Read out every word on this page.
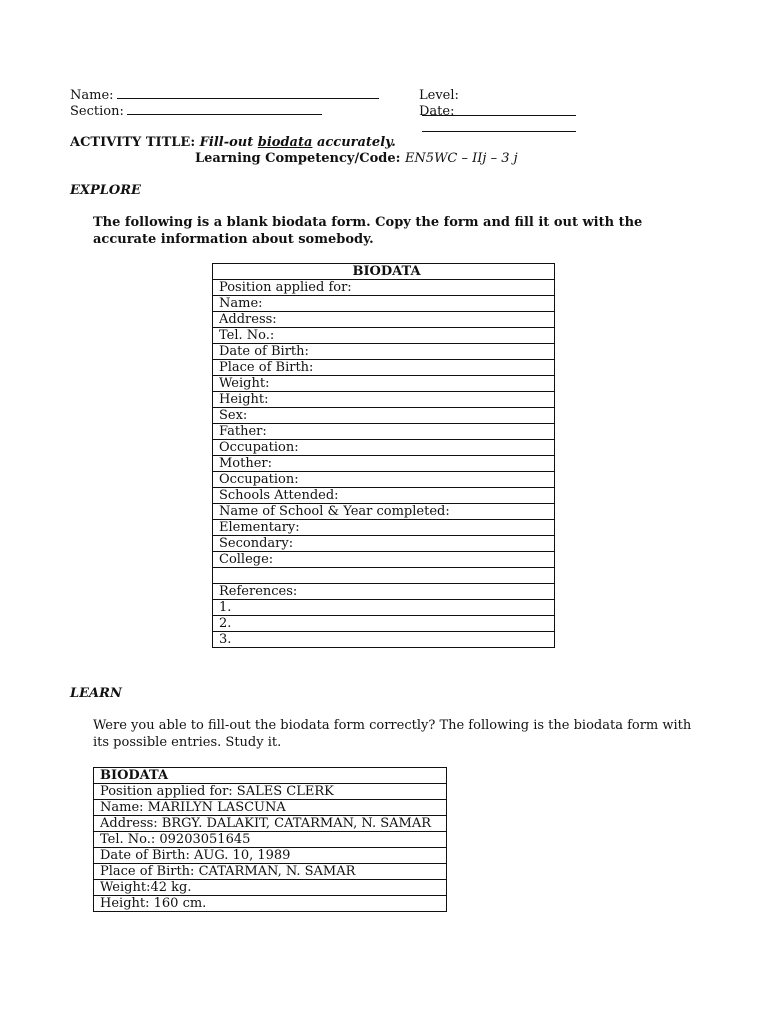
Name:	Level:
Section:	Date:
ACTIVITY TITLE: Fill-out biodata accurately.
Learning Competency/Code: EN5WC – IIj – 3 j
EXPLORE
The following is a blank biodata form. Copy the form and fill it out with the accurate information about somebody.
BIODATA
Position applied for:
Name:
Address:
Tel. No.:
Date of Birth:
Place of Birth:
Weight:
Height:
Sex:
Father:
Occupation:
Mother:
Occupation:
Schools Attended:
Name of School & Year completed:
Elementary:
Secondary:
College:

References:
1.
2.
3.
LEARN
Were you able to fill-out the biodata form correctly? The following is the biodata form with its possible entries. Study it.
BIODATA
Position applied for: SALES CLERK
Name: MARILYN LASCUNA
Address: BRGY. DALAKIT, CATARMAN, N. SAMAR
Tel. No.: 09203051645
Date of Birth: AUG. 10, 1989
Place of Birth: CATARMAN, N. SAMAR
Weight:42 kg.
Height: 160 cm.
